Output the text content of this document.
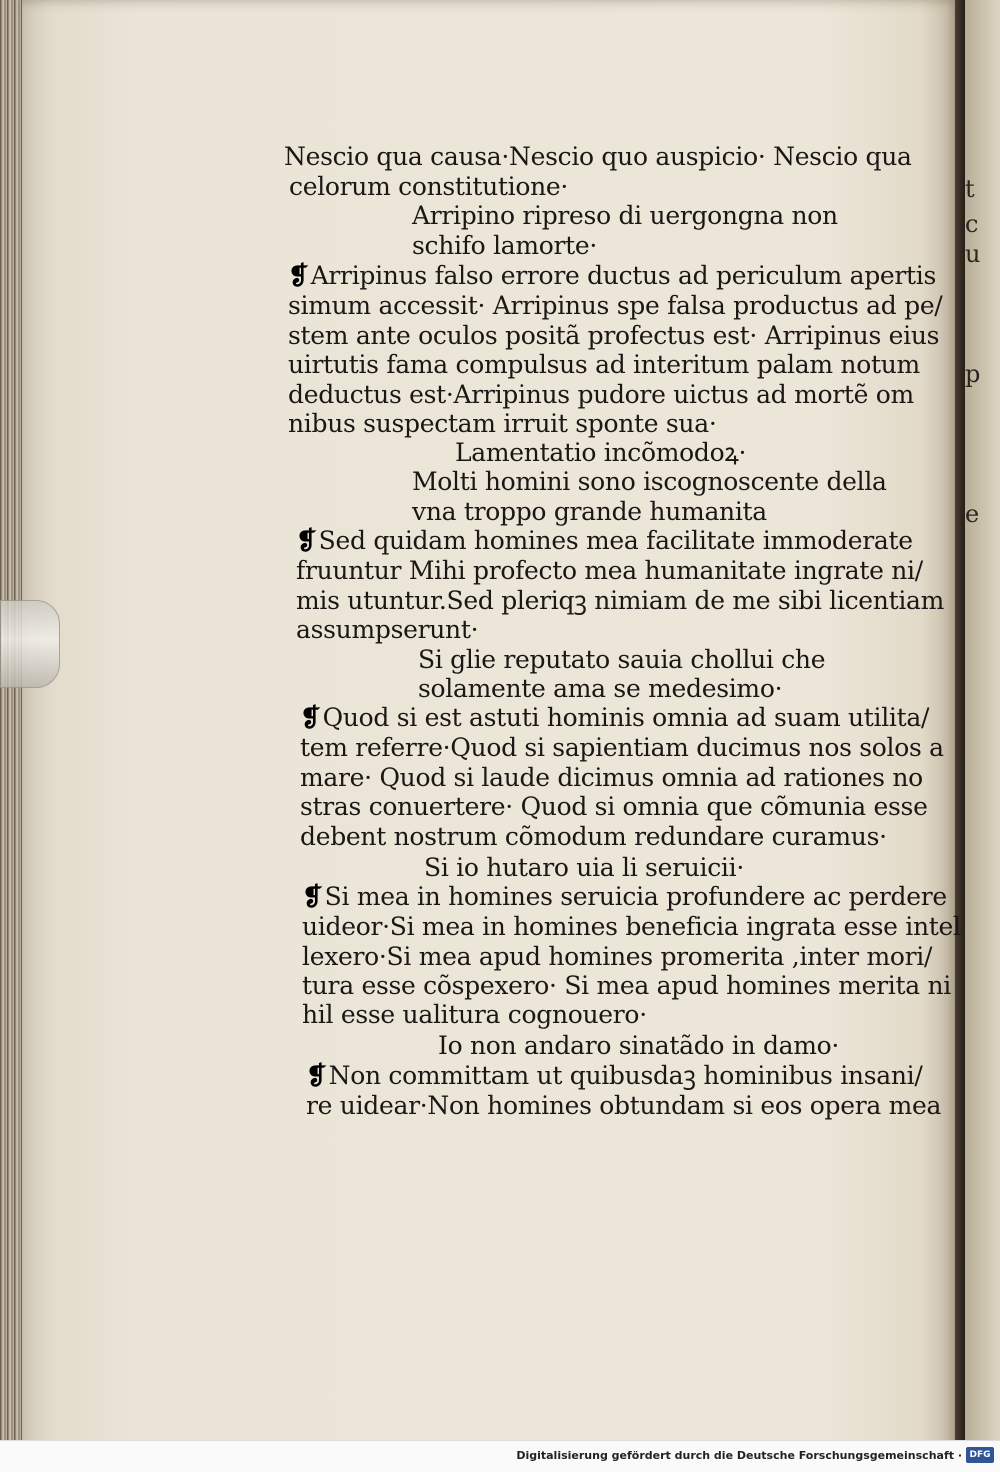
t
c
u
p
e
Nescio qua causa·Nescio quo auspicio· Nescio qua
celorum constitutione·
Arripino ripreso di uergongna non
schifo lamorte·
❡Arripinus falso errore ductus ad periculum apertis
simum accessit· Arripinus spe falsa productus ad pe/
stem ante oculos positã profectus est· Arripinus eius
uirtutis fama compulsus ad interitum palam notum
deductus est·Arripinus pudore uictus ad mortẽ om
nibus suspectam irruit sponte sua·
Lamentatio incõmodoꝝ·
Molti homini sono iscognoscente della
vna troppo grande humanita
❡Sed quidam homines mea facilitate immoderate
fruuntur Mihi profecto mea humanitate ingrate ni/
mis utuntur.Sed pleriqꝫ nimiam de me sibi licentiam
assumpserunt·
Si glie reputato sauia chollui che
solamente ama se medesimo·
❡Quod si est astuti hominis omnia ad suam utilita/
tem referre·Quod si sapientiam ducimus nos solos a
mare· Quod si laude dicimus omnia ad rationes no
stras conuertere· Quod si omnia que cõmunia esse
debent nostrum cõmodum redundare curamus·
Si io hutaro uia li seruicii·
❡Si mea in homines seruicia profundere ac perdere
uideor·Si mea in homines beneficia ingrata esse intel
lexero·Si mea apud homines promerita ,inter mori/
tura esse cõspexero· Si mea apud homines merita ni
hil esse ualitura cognouero·
Io non andaro sinatãdo in damo·
❡Non committam ut quibusdaꝫ hominibus insani/
re uidear·Non homines obtundam si eos opera mea
Digitalisierung gefördert durch die Deutsche Forschungsgemeinschaft · DFG
